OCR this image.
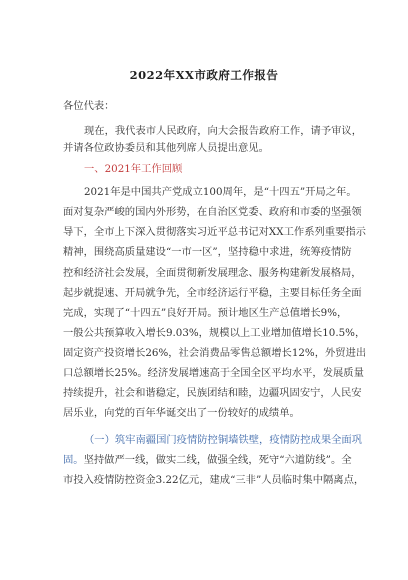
2022年XX市政府工作报告
各位代表：
现在，我代表市人民政府，向大会报告政府工作，请予审议，
并请各位政协委员和其他列席人员提出意见。
一、2021年工作回顾
2021年是中国共产党成立100周年，是“十四五”开局之年。
面对复杂严峻的国内外形势，在自治区党委、政府和市委的坚强领
导下，全市上下深入贯彻落实习近平总书记对XX工作系列重要指示
精神，围绕高质量建设“一市一区”，坚持稳中求进，统筹疫情防
控和经济社会发展，全面贯彻新发展理念、服务构建新发展格局，
起步就提速、开局就争先，全市经济运行平稳，主要目标任务全面
完成，实现了“十四五”良好开局。预计地区生产总值增长9%，
一般公共预算收入增长9.03%，规模以上工业增加值增长10.5%，
固定资产投资增长26%，社会消费品零售总额增长12%，外贸进出
口总额增长25%。经济发展增速高于全国全区平均水平，发展质量
持续提升，社会和谐稳定，民族团结和睦，边疆巩固安宁，人民安
居乐业，向党的百年华诞交出了一份较好的成绩单。
（一）筑牢南疆国门疫情防控铜墙铁壁，疫情防控成果全面巩
固。坚持做严一线，做实二线，做强全线，死守“六道防线”。全
市投入疫情防控资金3.22亿元，建成“三非”人员临时集中隔离点，
